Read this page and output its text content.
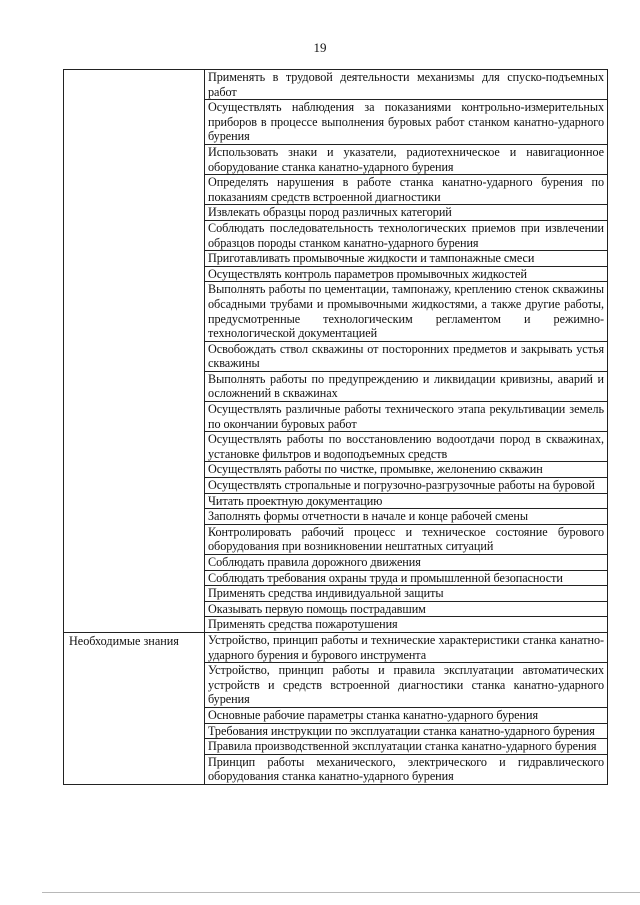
19
	Применять в трудовой деятельности механизмы для спуско-подъемных работ
	Осуществлять наблюдения за показаниями контрольно-измерительных приборов в процессе выполнения буровых работ станком канатно-ударного бурения
	Использовать знаки и указатели, радиотехническое и навигационное оборудование станка канатно-ударного бурения
	Определять нарушения в работе станка канатно-ударного бурения по показаниям средств встроенной диагностики
	Извлекать образцы пород различных категорий
	Соблюдать последовательность технологических приемов при извлечении образцов породы станком канатно-ударного бурения
	Приготавливать промывочные жидкости и тампонажные смеси
	Осуществлять контроль параметров промывочных жидкостей
	Выполнять работы по цементации, тампонажу, креплению стенок скважины обсадными трубами и промывочными жидкостями, а также другие работы, предусмотренные технологическим регламентом и режимно-технологической документацией
	Освобождать ствол скважины от посторонних предметов и закрывать устья скважины
	Выполнять работы по предупреждению и ликвидации кривизны, аварий и осложнений в скважинах
	Осуществлять различные работы технического этапа рекультивации земель по окончании буровых работ
	Осуществлять работы по восстановлению водоотдачи пород в скважинах, установке фильтров и водоподъемных средств
	Осуществлять работы по чистке, промывке, желонению скважин
	Осуществлять стропальные и погрузочно-разгрузочные работы на буровой
	Читать проектную документацию
	Заполнять формы отчетности в начале и конце рабочей смены
	Контролировать рабочий процесс и техническое состояние бурового оборудования при возникновении нештатных ситуаций
	Соблюдать правила дорожного движения
	Соблюдать требования охраны труда и промышленной безопасности
	Применять средства индивидуальной защиты
	Оказывать первую помощь пострадавшим
	Применять средства пожаротушения
Необходимые знания	Устройство, принцип работы и технические характеристики станка канатно-ударного бурения и бурового инструмента
	Устройство, принцип работы и правила эксплуатации автоматических устройств и средств встроенной диагностики станка канатно-ударного бурения
	Основные рабочие параметры станка канатно-ударного бурения
	Требования инструкции по эксплуатации станка канатно-ударного бурения
	Правила производственной эксплуатации станка канатно-ударного бурения
	Принцип работы механического, электрического и гидравлического оборудования станка канатно-ударного бурения
